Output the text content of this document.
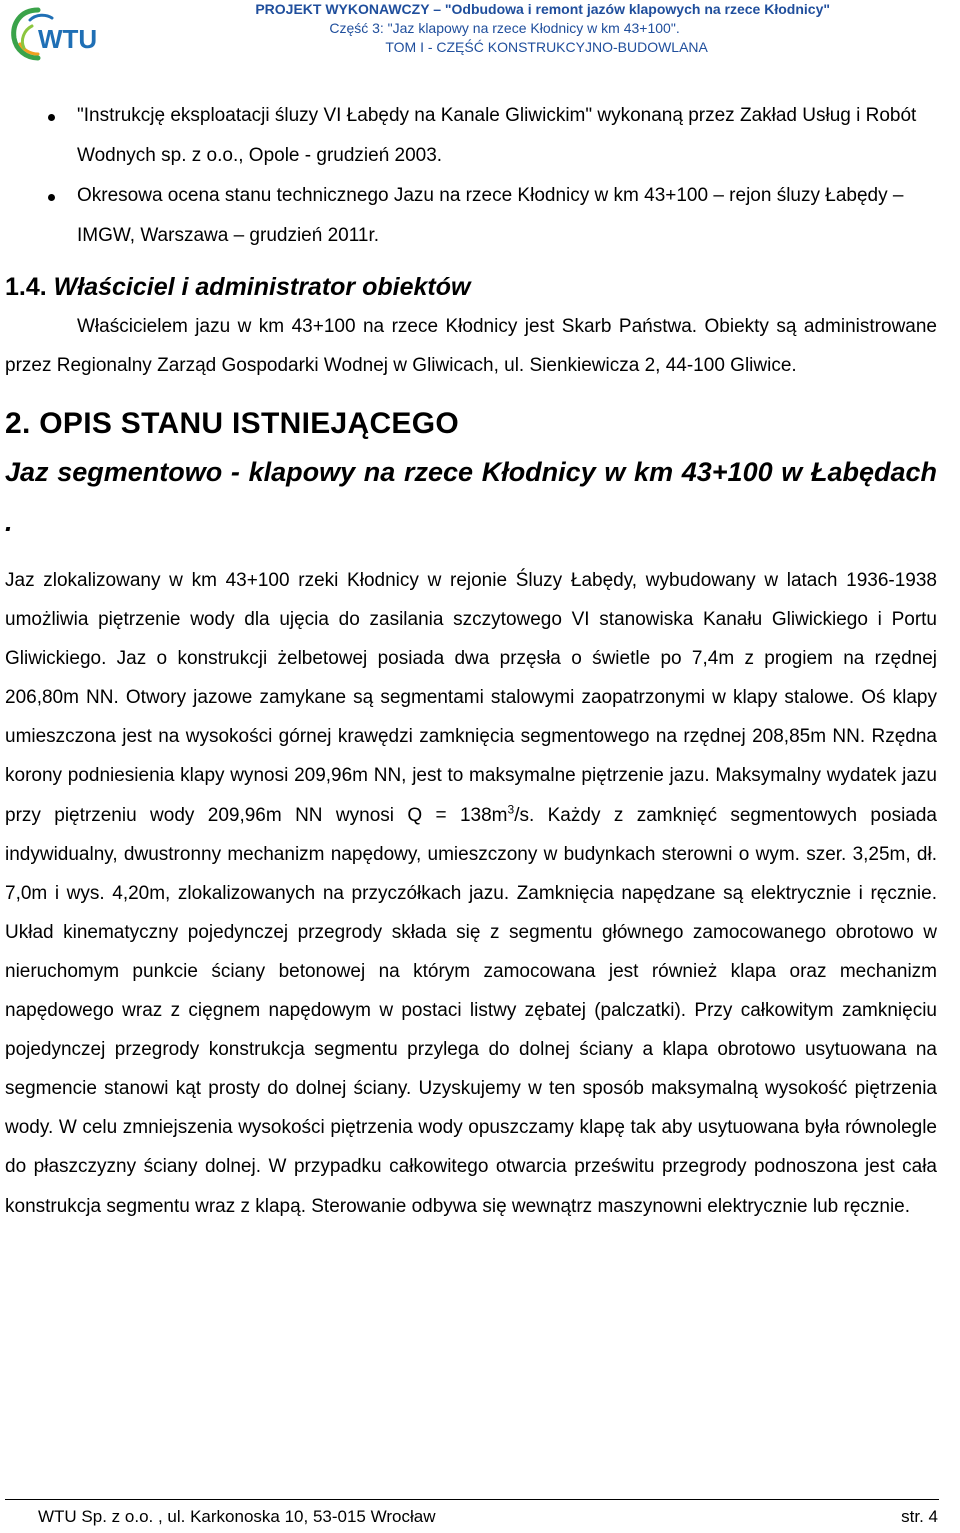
WTU
PROJEKT WYKONAWCZY – "Odbudowa i remont jazów klapowych na rzece Kłodnicy"
Część 3: "Jaz klapowy na rzece Kłodnicy w km 43+100".
TOM I - CZĘŚĆ KONSTRUKCYJNO-BUDOWLANA
"Instrukcję eksploatacji śluzy VI Łabędy na Kanale Gliwickim" wykonaną przez Zakład Usług i Robót Wodnych sp. z o.o., Opole - grudzień 2003.
Okresowa ocena stanu technicznego Jazu na rzece Kłodnicy w km 43+100 – rejon śluzy Łabędy – IMGW, Warszawa – grudzień 2011r.
1.4. Właściciel i administrator obiektów

Właścicielem jazu w km 43+100 na rzece Kłodnicy jest Skarb Państwa. Obiekty są administrowane przez Regionalny Zarząd Gospodarki Wodnej w Gliwicach, ul. Sienkiewicza 2, 44-100 Gliwice.

2. OPIS STANU ISTNIEJĄCEGO
Jaz segmentowo - klapowy na rzece Kłodnicy w km 43+100 w Łabędach .

Jaz zlokalizowany w km 43+100 rzeki Kłodnicy w rejonie Śluzy Łabędy, wybudowany w latach 1936-1938 umożliwia piętrzenie wody dla ujęcia do zasilania szczytowego VI stanowiska Kanału Gliwickiego i Portu Gliwickiego. Jaz o konstrukcji żelbetowej posiada dwa przęsła o świetle po 7,4m z progiem na rzędnej 206,80m NN. Otwory jazowe zamykane są segmentami stalowymi zaopatrzonymi w klapy stalowe. Oś klapy umieszczona jest na wysokości górnej krawędzi zamknięcia segmentowego na rzędnej 208,85m NN. Rzędna korony podniesienia klapy wynosi 209,96m NN, jest to maksymalne piętrzenie jazu. Maksymalny wydatek jazu przy piętrzeniu wody 209,96m NN wynosi $Q = 138m^3/s$. Każdy z zamknięć segmentowych posiada indywidualny, dwustronny mechanizm napędowy, umieszczony w budynkach sterowni o wym. szer. 3,25m, dł. 7,0m i wys. 4,20m, zlokalizowanych na przyczółkach jazu. Zamknięcia napędzane są elektrycznie i ręcznie. Układ kinematyczny pojedynczej przegrody składa się z segmentu głównego zamocowanego obrotowo w nieruchomym punkcie ściany betonowej na którym zamocowana jest również klapa oraz mechanizm napędowego wraz z cięgnem napędowym w postaci listwy zębatej (palczatki). Przy całkowitym zamknięciu pojedynczej przegrody konstrukcja segmentu przylega do dolnej ściany a klapa obrotowo usytuowana na segmencie stanowi kąt prosty do dolnej ściany. Uzyskujemy w ten sposób maksymalną wysokość piętrzenia wody. W celu zmniejszenia wysokości piętrzenia wody opuszczamy klapę tak aby usytuowana była równolegle do płaszczyzny ściany dolnej. W przypadku całkowitego otwarcia prześwitu przegrody podnoszona jest cała konstrukcja segmentu wraz z klapą. Sterowanie odbywa się wewnątrz maszynowni elektrycznie lub ręcznie.

WTU Sp. z o.o. , ul. Karkonoska 10, 53-015 Wrocław	str. 4
